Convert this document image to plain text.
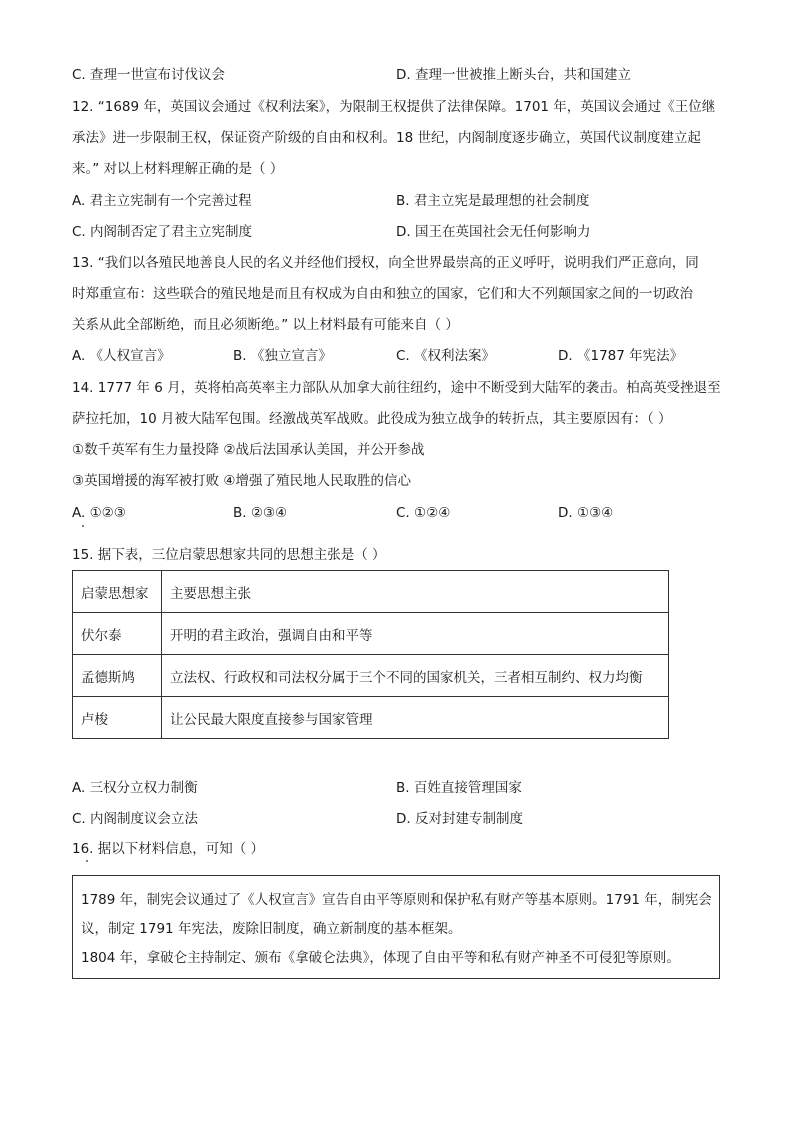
C. 查理一世宣布讨伐议会	D. 查理一世被推上断头台，共和国建立
12. “1689 年，英国议会通过《权利法案》，为限制王权提供了法律保障。1701 年，英国议会通过《王位继
承法》进一步限制王权，保证资产阶级的自由和权利。18 世纪，内阁制度逐步确立，英国代议制度建立起
来。” 对以上材料理解正确的是（ ）
A. 君主立宪制有一个完善过程	B. 君主立宪是最理想的社会制度
C. 内阁制否定了君主立宪制度	D. 国王在英国社会无任何影响力
13. “我们以各殖民地善良人民的名义并经他们授权，向全世界最崇高的正义呼吁，说明我们严正意向，同
时郑重宣布：这些联合的殖民地是而且有权成为自由和独立的国家，它们和大不列颠国家之间的一切政治
关系从此全部断绝，而且必须断绝。” 以上材料最有可能来自（ ）
A. 《人权宣言》	B. 《独立宣言》	C. 《权利法案》	D. 《1787 年宪法》
14. 1777 年 6 月，英将柏高英率主力部队从加拿大前往纽约，途中不断受到大陆军的袭击。柏高英受挫退至
萨拉托加，10 月被大陆军包围。经激战英军战败。此役成为独立战争的转折点，其主要原因有：（ ）
①数千英军有生力量投降 ②战后法国承认美国，并公开参战
③英国增援的海军被打败 ④增强了殖民地人民取胜的信心
A. ①②③	B. ②③④	C. ①②④	D. ①③④
15. 据下表，三位启蒙思想家共同的思想主张是（ ）
启蒙思想家	主要思想主张
伏尔泰	开明的君主政治，强调自由和平等
孟德斯鸠	立法权、行政权和司法权分属于三个不同的国家机关，三者相互制约、权力均衡
卢梭	让公民最大限度直接参与国家管理
A. 三权分立权力制衡	B. 百姓直接管理国家
C. 内阁制度议会立法	D. 反对封建专制制度
16. 据以下材料信息，可知（ ）
1789 年，制宪会议通过了《人权宣言》宣告自由平等原则和保护私有财产等基本原则。1791 年，制宪会
议，制定 1791 年宪法，废除旧制度，确立新制度的基本框架。
1804 年，拿破仑主持制定、颁布《拿破仑法典》，体现了自由平等和私有财产神圣不可侵犯等原则。
